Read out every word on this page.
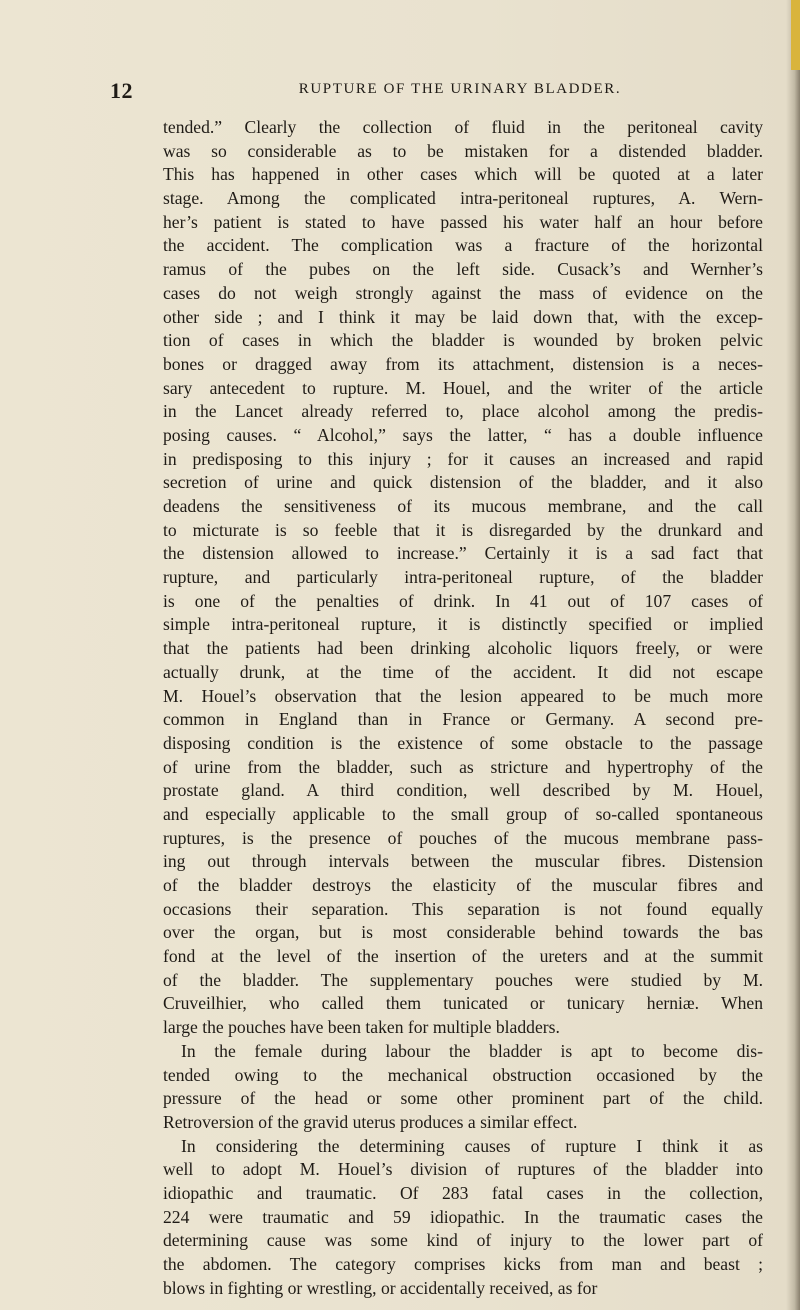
12	RUPTURE OF THE URINARY BLADDER.
tended.” Clearly the collection of fluid in the peritoneal cavity
was so considerable as to be mistaken for a distended bladder.
This has happened in other cases which will be quoted at a later
stage. Among the complicated intra-peritoneal ruptures, A. Wern-
her’s patient is stated to have passed his water half an hour before
the accident. The complication was a fracture of the horizontal
ramus of the pubes on the left side. Cusack’s and Wernher’s
cases do not weigh strongly against the mass of evidence on the
other side ; and I think it may be laid down that, with the excep-
tion of cases in which the bladder is wounded by broken pelvic
bones or dragged away from its attachment, distension is a neces-
sary antecedent to rupture. M. Houel, and the writer of the article
in the Lancet already referred to, place alcohol among the predis-
posing causes. “ Alcohol,” says the latter, “ has a double influence
in predisposing to this injury ; for it causes an increased and rapid
secretion of urine and quick distension of the bladder, and it also
deadens the sensitiveness of its mucous membrane, and the call
to micturate is so feeble that it is disregarded by the drunkard and
the distension allowed to increase.” Certainly it is a sad fact that
rupture, and particularly intra-peritoneal rupture, of the bladder
is one of the penalties of drink. In 41 out of 107 cases of
simple intra-peritoneal rupture, it is distinctly specified or implied
that the patients had been drinking alcoholic liquors freely, or were
actually drunk, at the time of the accident. It did not escape
M. Houel’s observation that the lesion appeared to be much more
common in England than in France or Germany. A second pre-
disposing condition is the existence of some obstacle to the passage
of urine from the bladder, such as stricture and hypertrophy of the
prostate gland. A third condition, well described by M. Houel,
and especially applicable to the small group of so-called spontaneous
ruptures, is the presence of pouches of the mucous membrane pass-
ing out through intervals between the muscular fibres. Distension
of the bladder destroys the elasticity of the muscular fibres and
occasions their separation. This separation is not found equally
over the organ, but is most considerable behind towards the bas
fond at the level of the insertion of the ureters and at the summit
of the bladder. The supplementary pouches were studied by M.
Cruveilhier, who called them tunicated or tunicary herniæ. When
large the pouches have been taken for multiple bladders.
In the female during labour the bladder is apt to become dis-
tended owing to the mechanical obstruction occasioned by the
pressure of the head or some other prominent part of the child.
Retroversion of the gravid uterus produces a similar effect.
In considering the determining causes of rupture I think it as
well to adopt M. Houel’s division of ruptures of the bladder into
idiopathic and traumatic. Of 283 fatal cases in the collection,
224 were traumatic and 59 idiopathic. In the traumatic cases the
determining cause was some kind of injury to the lower part of
the abdomen. The category comprises kicks from man and beast ;
blows in fighting or wrestling, or accidentally received, as for
